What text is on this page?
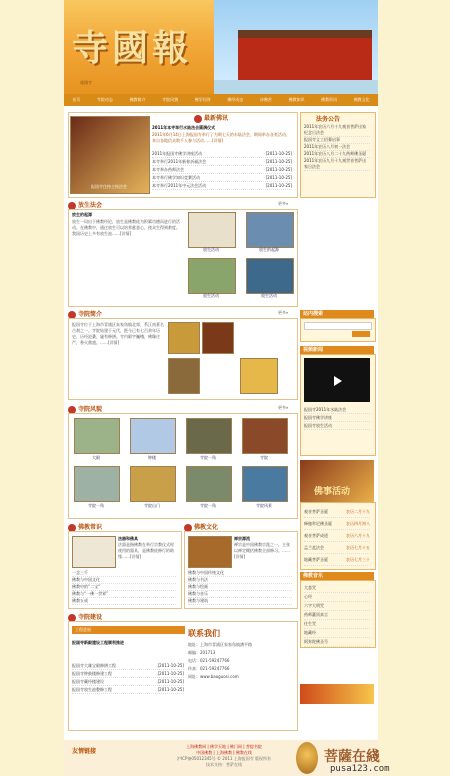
寺國報
報國寺
首页	寺院动态	佛教简介	寺院风貌	佛学问答	佛经动态	沙佛苦	佛教知识	佛教资讯	佛教文化
报国寺住持主持法会
最新佛讯
2011年本寺举行水陆法会圆满仪式
2011年6月14日上海报国寺举行了为期七天的水陆法会，期间举办各类活动，来自各地信众数千人参与活动……[详情]
2011年报国寺佛学讲座活动	[2011-10-25]
本寺举行2011年新春祈福法会	[2011-10-25]
本寺举办药师法会	[2011-10-25]
本寺举行佛学知识竞赛活动	[2011-10-25]
本寺举行2011年中元法会活动	[2011-10-25]
法务公告
2011年农历六月十九观音菩萨出家纪念日法会
报国寺义工招募启事
2011年农历八月初一法会
2011年农历八月二十九药师佛圣诞
2011年农历九月十九观世音菩萨出家日法会
放生法会	更多»
放生的起源
放生一词出于佛教经论，放生是佛教徒为积累功德而进行的活动。在佛教中，通过放生可以培养慈悲心，使众生得到救度。我国历史上多有放生池……[详情]
放生活动	放生的起源
放生活动	放生活动
寺院简介	更多»
报国寺位于上海市青浦区朱家角镇北郊，系江南著名古刹之一。寺院始建于元代，距今已有七百余年历史，历经沧桑，屡有修缮。寺内殿宇巍峨，佛像庄严，香火鼎盛。……[详情]
寺院风貌	更多»
大殿	钟楼	寺院一角	寺院
寺院一角	寺院山门	寺院一角	寺院风景
佛教常识
法器和佛具
法器是指佛教在举行宗教仪式时使用的器具，是佛教徒修行的助缘……[详情]
一念三千
佛教与中国文化
佛教中的“二宝”
佛教与“一佛一世界”
佛教五戒
佛教文化
禅宗源流
禅宗是中国佛教宗派之一，主张以禅定概括佛教全部修习。……[详情]
佛教与中国传统文化
佛教与书法
佛教与绘画
佛教与音乐
佛教与建筑
寺院建设
工程进展
报国寺新殿建设工程顺利推进
报国寺大雄宝殿修缮工程	[2011-10-25]
报国寺钟鼓楼修建工程	[2011-10-25]
报国寺藏经楼建设	[2011-10-25]
报国寺放生池整修工程	[2011-10-25]
联系我们
地址：上海市青浦区朱家角镇漕平路
邮编：201713
电话：021-59247766
传真：021-59247766
网址：www.baoguosi.com
站内搜索
视频新闻
报国寺2011年水陆法会
报国寺佛学讲座
报国寺放生活动
佛事活动
观音菩萨圣诞	农历二月十九
释迦牟尼佛圣诞	农历四月初八
观音菩萨成道	农历六月十九
盂兰盆法会	农历七月十五
地藏菩萨圣诞	农历七月三十
佛教音乐
大悲咒
心经
六字大明咒
药师灌顶真言
往生咒
地藏经
阿弥陀佛圣号
友情链接
上海佛教网 | 佛学天地 | 佛门网 | 菩提书院
中国佛教 | 上海佛教 | 佛教在线
沪ICP备05012345号 © 2011 上海报国寺 版权所有
技术支持：菩萨在线	菩薩在綫
pusa123.com
